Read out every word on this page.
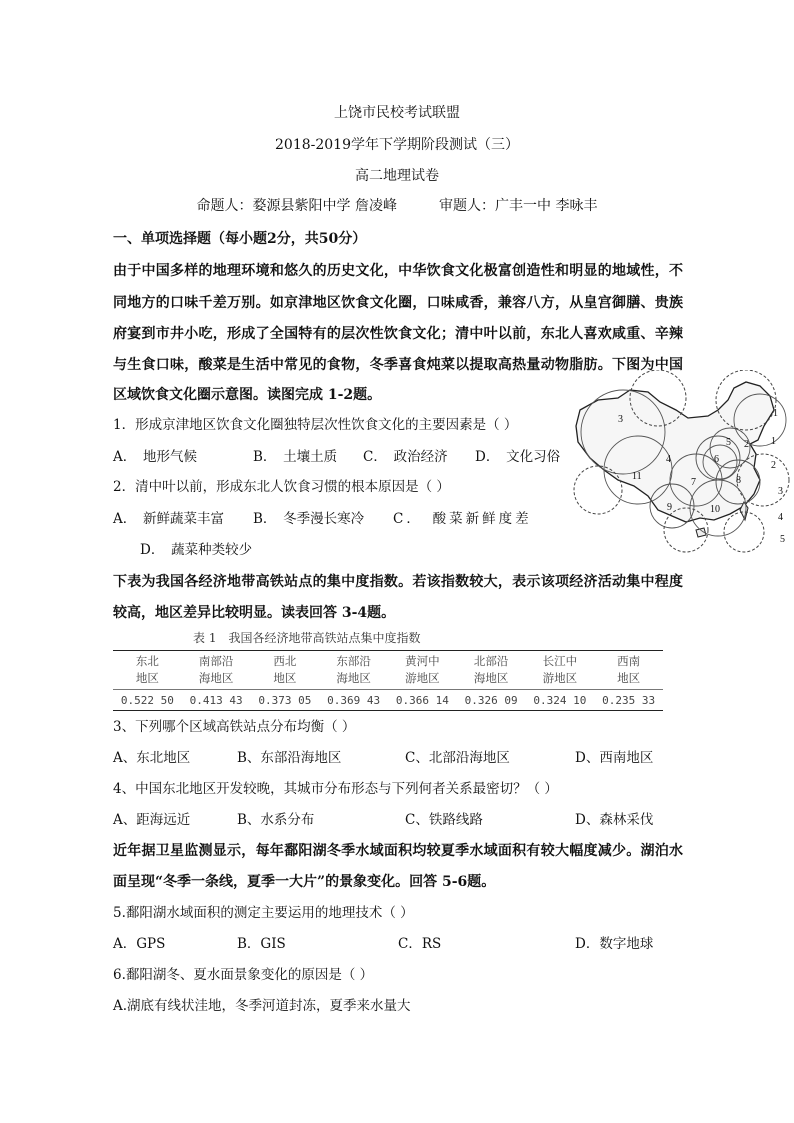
上饶市民校考试联盟
2018-2019学年下学期阶段测试（三）
高二地理试卷
命题人：婺源县紫阳中学 詹凌峰　　　审题人：广丰一中 李咏丰
一、单项选择题（每小题2分，共50分）
由于中国多样的地理环境和悠久的历史文化，中华饮食文化极富创造性和明显的地域性，不
同地方的口味千差万别。如京津地区饮食文化圈，口味咸香，兼容八方，从皇宫御膳、贵族
府宴到市井小吃，形成了全国特有的层次性饮食文化；清中叶以前，东北人喜欢咸重、辛辣
与生食口味，酸菜是生活中常见的食物，冬季喜食炖菜以提取高热量动物脂肪。下图为中国
区域饮食文化圈示意图。读图完成 1-2题。
1．形成京津地区饮食文化圈独特层次性饮食文化的主要因素是（ ）
A．　地形气候	B．　土壤土质 C．　政治经济 D．　文化习俗
2．清中叶以前，形成东北人饮食习惯的根本原因是（ ）
A．　新鲜蔬菜丰富 B．　冬季漫长寒冷 C．　酸菜新鲜度差
D．　蔬菜种类较少
1
2
3
4
5
6
7	8
9	10
11
1
2
3
4
5
下表为我国各经济地带高铁站点的集中度指数。若该指数较大，表示该项经济活动集中程度
较高，地区差异比较明显。读表回答 3-4题。
表 1　我国各经济地带高铁站点集中度指数
东北	南部沿	西北	东部沿	黄河中	北部沿	长江中	西南
地区	海地区	地区	海地区	游地区	海地区	游地区	地区
0.522 50	0.413 43	0.373 05	0.369 43	0.366 14	0.326 09	0.324 10	0.235 33
3、下列哪个区域高铁站点分布均衡（ ）
A、东北地区	B、东部沿海地区	C、北部沿海地区	D、西南地区
4、中国东北地区开发较晚，其城市分布形态与下列何者关系最密切？（ ）
A、距海远近	B、水系分布	C、铁路线路	D、森林采伐
近年据卫星监测显示，每年鄱阳湖冬季水域面积均较夏季水域面积有较大幅度减少。湖泊水
面呈现“冬季一条线，夏季一大片”的景象变化。回答 5-6题。
5.鄱阳湖水域面积的测定主要运用的地理技术（ ）
A．GPS	B．GIS	C．RS	D．数字地球
6.鄱阳湖冬、夏水面景象变化的原因是（ ）
A.湖底有线状洼地，冬季河道封冻，夏季来水量大
